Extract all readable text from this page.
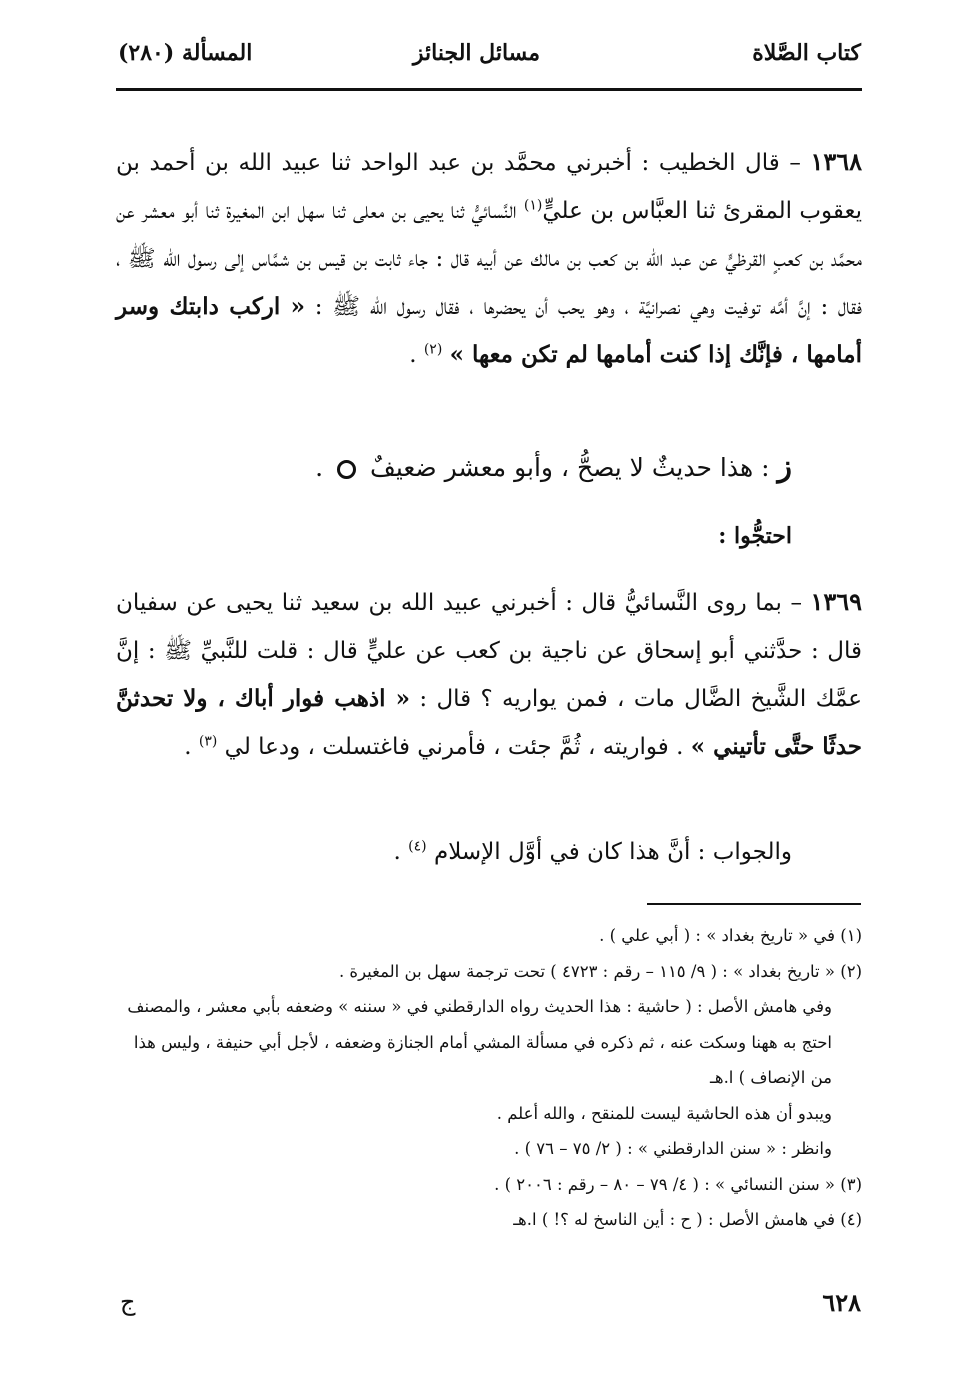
كتاب الصَّلاة
مسائل الجنائز
المسألة (٢٨٠)
١٣٦٨ – قال الخطيب : أخبرني محمَّد بن عبد الواحد ثنا عبيد الله بن أحمد بن يعقوب المقرئ ثنا العبَّاس بن عليٍّ$^{(١)}$ النَّسائيُّ ثنا يحيى بن معلى ثنا سهل ابن المغيرة ثنا أبو معشر عن محمَّد بن كعبٍ القرظيٍّ عن عبد الله بن كعب بن مالك عن أبيه قال : جاء ثابت بن قيس بن شمَّاس إلى رسول الله ﷺ ، فقال : إنَّ أمَّه توفيت وهي نصرانيَّة ، وهو يحب أن يحضرها ، فقال رسول الله ﷺ : « اركب دابتك وسر أمامها ، فإنَّك إذا كنت أمامها لم تكن معها » $^{(٢)}$ .
ز : هذا حديثٌ لا يصحُّ ، وأبو معشر ضعيفٌ  .
احتجُّوا :
١٣٦٩ – بما روى النَّسائيُّ قال : أخبرني عبيد الله بن سعيد ثنا يحيى عن سفيان قال : حدَّثني أبو إسحاق عن ناجية بن كعب عن عليٍّ قال : قلت للنَّبيِّ ﷺ : إنَّ عمَّك الشَّيخ الضَّال مات ، فمن يواريه ؟ قال : « اذهب فوار أباك ، ولا تحدثنَّ حدثًا حتَّى تأتيني » . فواريته ، ثُمَّ جئت ، فأمرني فاغتسلت ، ودعا لي $^{(٣)}$ .
والجواب : أنَّ هذا كان في أوَّل الإسلام $^{(٤)}$ .
(١) في « تاريخ بغداد » : ( أبي علي ) .
(٢) « تاريخ بغداد » : ( ٩/ ١١٥ – رقم : ٤٧٢٣ ) تحت ترجمة سهل بن المغيرة .
وفي هامش الأصل : ( حاشية : هذا الحديث رواه الدارقطني في « سننه » وضعفه بأبي معشر ، والمصنف احتج به ههنا وسكت عنه ، ثم ذكره في مسألة المشي أمام الجنازة وضعفه ، لأجل أبي حنيفة ، وليس هذا من الإنصاف ) ا.هـ
ويبدو أن هذه الحاشية ليست للمنقح ، والله أعلم .
وانظر : « سنن الدارقطني » : ( ٢/ ٧٥ – ٧٦ ) .
(٣) « سنن النسائي » : ( ٤/ ٧٩ – ٨٠ – رقم : ٢٠٠٦ ) .
(٤) في هامش الأصل : ( ح : أين الناسخ له ؟! ) ا.هـ
٦٢٨
ج
